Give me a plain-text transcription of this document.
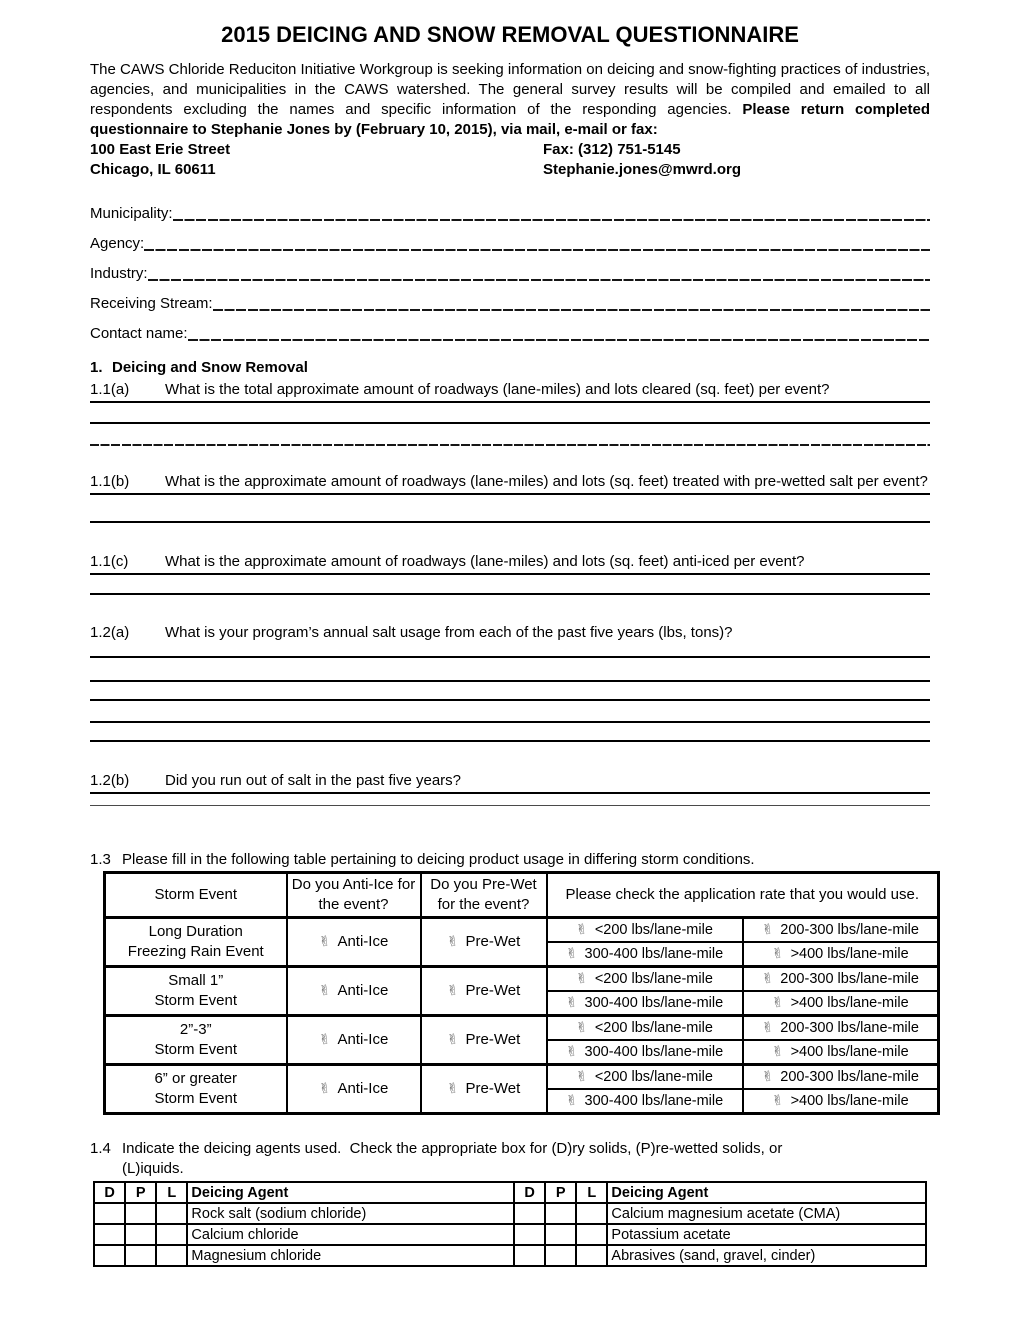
2015 DEICING AND SNOW REMOVAL QUESTIONNAIRE
The CAWS Chloride Reduciton Initiative Workgroup is seeking information on deicing and snow-fighting practices of industries, agencies, and municipalities in the CAWS watershed. The general survey results will be compiled and emailed to all respondents excluding the names and specific information of the responding agencies. Please return completed questionnaire to Stephanie Jones by (February 10, 2015), via mail, e-mail or fax:
100 East Erie Street	Fax: (312) 751-5145
Chicago, IL 60611	Stephanie.jones@mwrd.org
Municipality:
Agency:
Industry:
Receiving Stream:
Contact name:
1. Deicing and Snow Removal
1.1(a)	What is the total approximate amount of roadways (lane-miles) and lots cleared (sq. feet) per event?
1.1(b)	What is the approximate amount of roadways (lane-miles) and lots (sq. feet) treated with pre-wetted salt per event?
1.1(c)	What is the approximate amount of roadways (lane-miles) and lots (sq. feet) anti-iced per event?
1.2(a)	What is your program’s annual salt usage from each of the past five years (lbs, tons)?
1.2(b)	Did you run out of salt in the past five years?
1.3 Please fill in the following table pertaining to deicing product usage in differing storm conditions.
Storm Event	Do you Anti-Ice for the event?	Do you Pre-Wet for the event?	Please check the application rate that you would use.	

Long Duration
Freezing Rain Event	✌ Anti-Ice	✌ Pre-Wet	✌ <200 lbs/lane-mile	✌ 200-300 lbs/lane-mile
			✌ 300-400 lbs/lane-mile	✌ >400 lbs/lane-mile

Small 1”
Storm Event	✌ Anti-Ice	✌ Pre-Wet	✌ <200 lbs/lane-mile	✌ 200-300 lbs/lane-mile
			✌ 300-400 lbs/lane-mile	✌ >400 lbs/lane-mile

2”-3”
Storm Event	✌ Anti-Ice	✌ Pre-Wet	✌ <200 lbs/lane-mile	✌ 200-300 lbs/lane-mile
			✌ 300-400 lbs/lane-mile	✌ >400 lbs/lane-mile

6” or greater
Storm Event	✌ Anti-Ice	✌ Pre-Wet	✌ <200 lbs/lane-mile	✌ 200-300 lbs/lane-mile
			✌ 300-400 lbs/lane-mile	✌ >400 lbs/lane-mile
1.4 Indicate the deicing agents used.  Check the appropriate box for (D)ry solids, (P)re-wetted solids, or
(L)iquids.
D	P	L	Deicing Agent	D	P	L	Deicing Agent
			Rock salt (sodium chloride)				Calcium magnesium acetate (CMA)
			Calcium chloride				Potassium acetate
			Magnesium chloride				Abrasives (sand, gravel, cinder)
